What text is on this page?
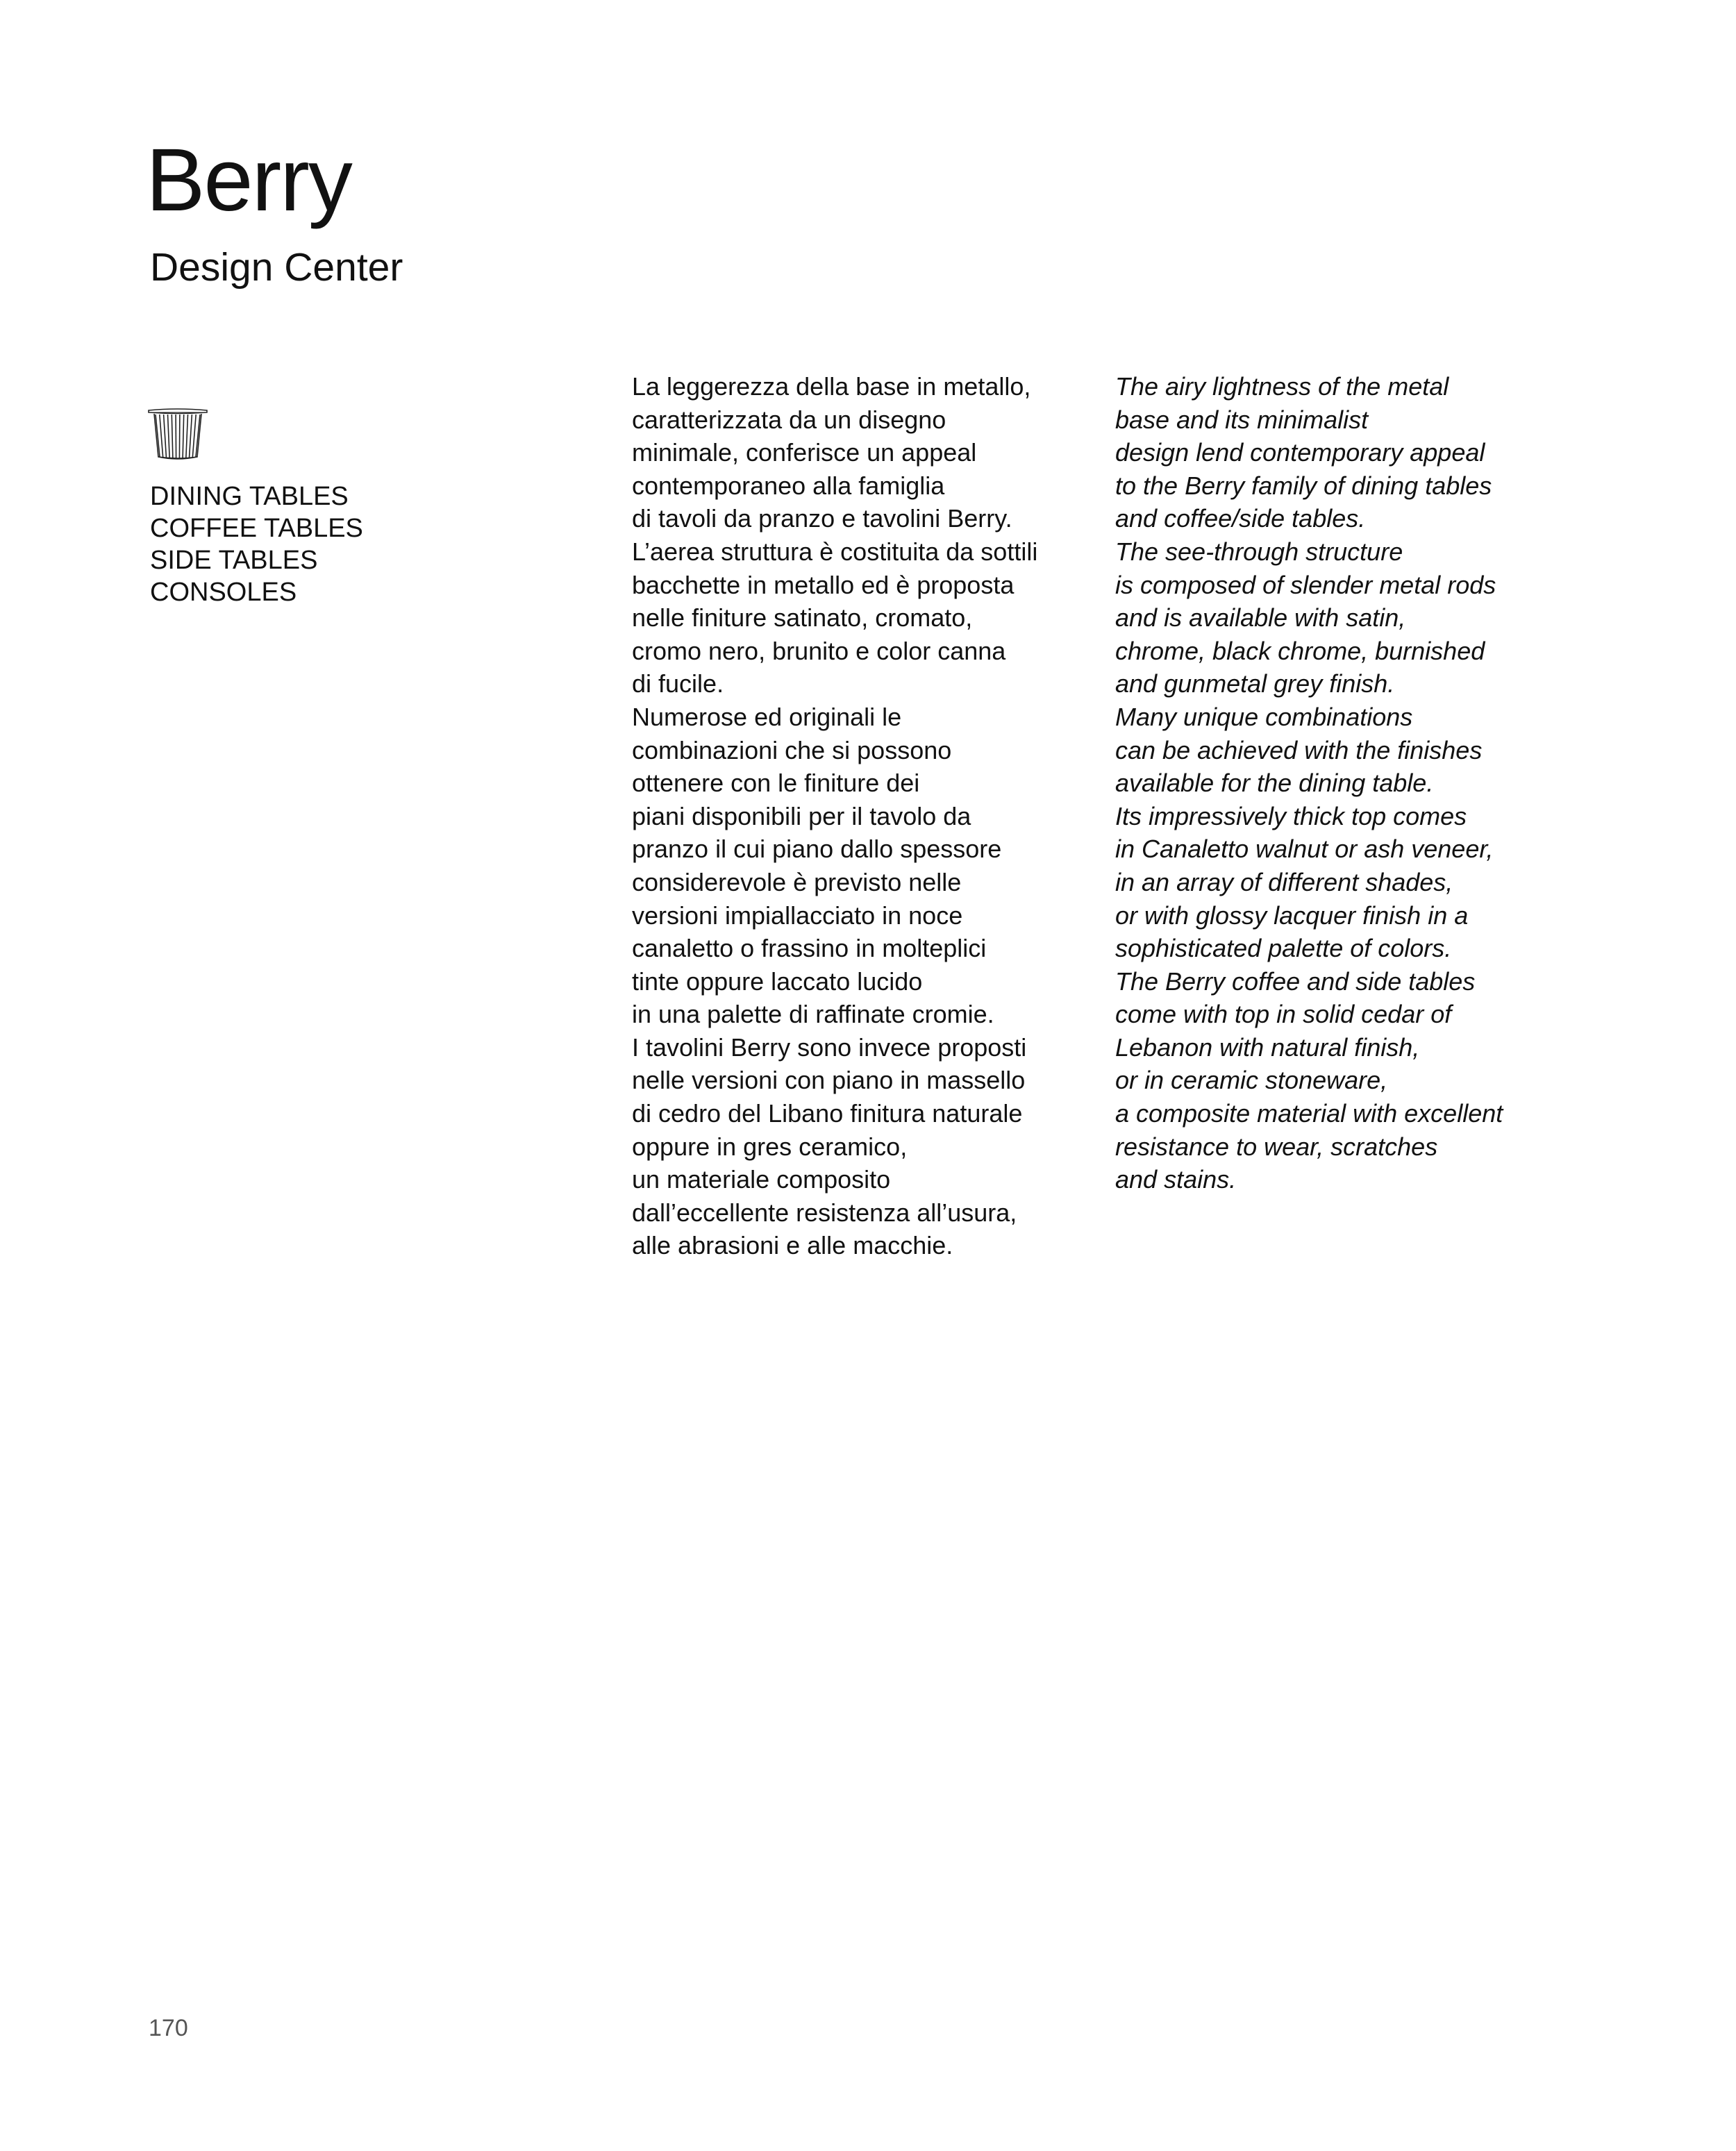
Berry
Design Center
DINING TABLES
COFFEE TABLES
SIDE TABLES
CONSOLES
La leggerezza della base in metallo,
caratterizzata da un disegno
minimale, conferisce un appeal
contemporaneo alla famiglia
di tavoli da pranzo e tavolini Berry.
L’aerea struttura è costituita da sottili
bacchette in metallo ed è proposta
nelle finiture satinato, cromato,
cromo nero, brunito e color canna
di fucile.
Numerose ed originali le
combinazioni che si possono
ottenere con le finiture dei
piani disponibili per il tavolo da
pranzo il cui piano dallo spessore
considerevole è previsto nelle
versioni impiallacciato in noce
canaletto o frassino in molteplici
tinte oppure laccato lucido
in una palette di raffinate cromie.
I tavolini Berry sono invece proposti
nelle versioni con piano in massello
di cedro del Libano finitura naturale
oppure in gres ceramico,
un materiale composito
dall’eccellente resistenza all’usura,
alle abrasioni e alle macchie.
The airy lightness of the metal
base and its minimalist
design lend contemporary appeal
to the Berry family of dining tables
and coffee/side tables.
The see-through structure
is composed of slender metal rods
and is available with satin,
chrome, black chrome, burnished
and gunmetal grey finish.
Many unique combinations
can be achieved with the finishes
available for the dining table.
Its impressively thick top comes
in Canaletto walnut or ash veneer,
in an array of different shades,
or with glossy lacquer finish in a
sophisticated palette of colors.
The Berry coffee and side tables
come with top in solid cedar of
Lebanon with natural finish,
or in ceramic stoneware,
a composite material with excellent
resistance to wear, scratches
and stains.
170
